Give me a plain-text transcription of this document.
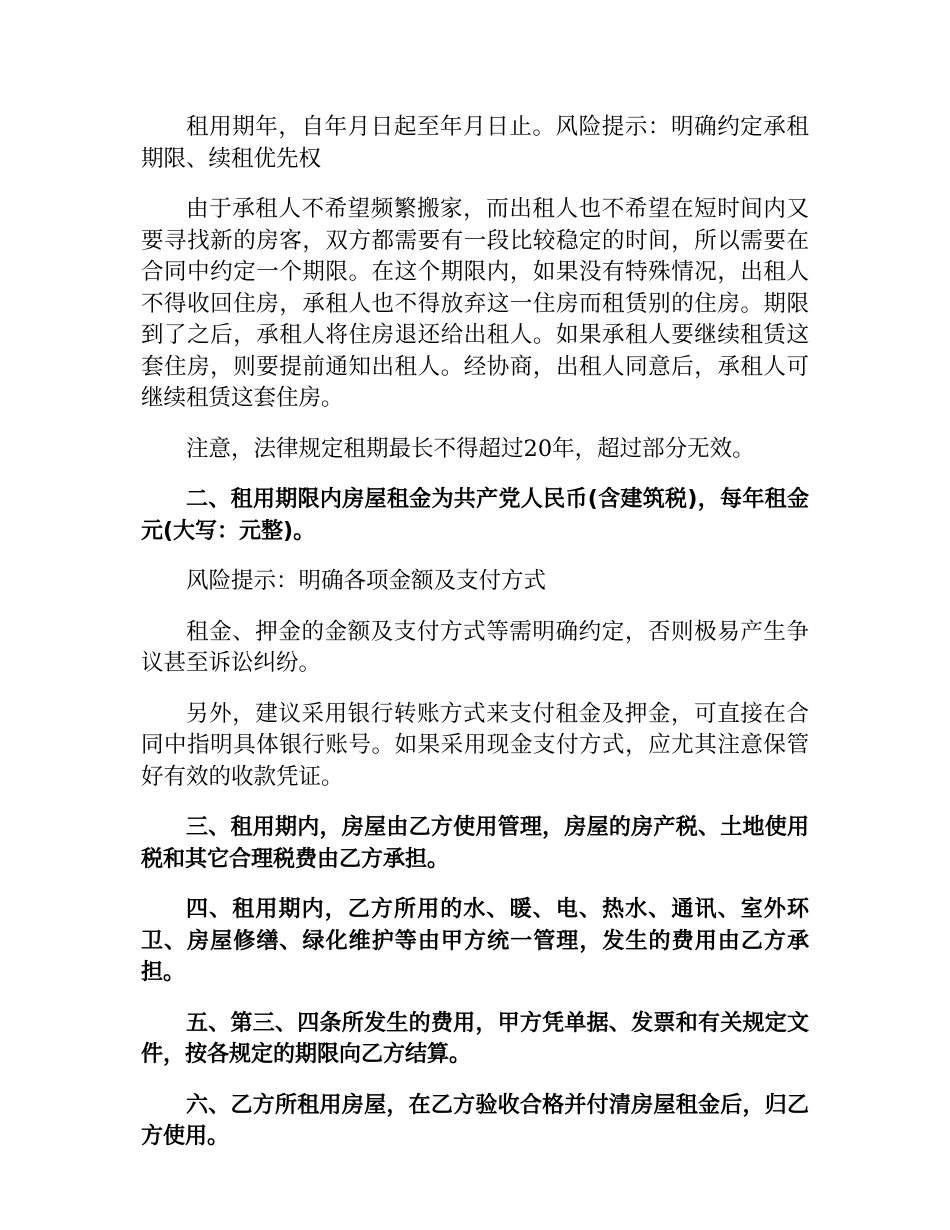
租用期年，自年月日起至年月日止。风险提示：明确约定承租期限、续租优先权

由于承租人不希望频繁搬家，而出租人也不希望在短时间内又要寻找新的房客，双方都需要有一段比较稳定的时间，所以需要在合同中约定一个期限。在这个期限内，如果没有特殊情况，出租人不得收回住房，承租人也不得放弃这一住房而租赁别的住房。期限到了之后，承租人将住房退还给出租人。如果承租人要继续租赁这套住房，则要提前通知出租人。经协商，出租人同意后，承租人可继续租赁这套住房。

注意，法律规定租期最长不得超过20年，超过部分无效。

二、租用期限内房屋租金为共产党人民币(含建筑税)，每年租金元(大写：元整)。

风险提示：明确各项金额及支付方式

租金、押金的金额及支付方式等需明确约定，否则极易产生争议甚至诉讼纠纷。

另外，建议采用银行转账方式来支付租金及押金，可直接在合同中指明具体银行账号。如果采用现金支付方式，应尤其注意保管好有效的收款凭证。

三、租用期内，房屋由乙方使用管理，房屋的房产税、土地使用税和其它合理税费由乙方承担。

四、租用期内，乙方所用的水、暖、电、热水、通讯、室外环卫、房屋修缮、绿化维护等由甲方统一管理，发生的费用由乙方承担。

五、第三、四条所发生的费用，甲方凭单据、发票和有关规定文件，按各规定的期限向乙方结算。

六、乙方所租用房屋，在乙方验收合格并付清房屋租金后，归乙方使用。
